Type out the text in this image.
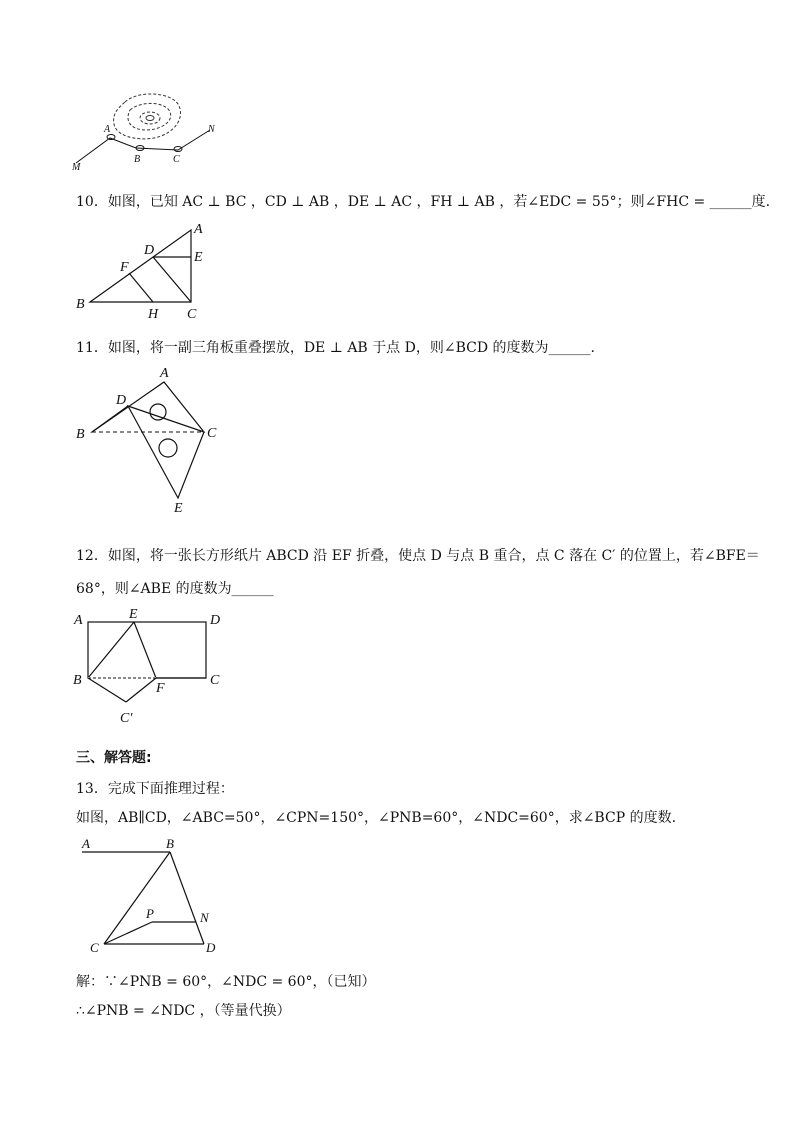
A	N
M
B	C
10．如图，已知 AC ⊥ BC ，CD ⊥ AB ，DE ⊥ AC ，FH ⊥ AB ，若∠EDC = 55°；则∠FHC = ______度.
A
D	E
F
B
H C
11．如图，将一副三角板重叠摆放，DE ⊥ AB 于点 D，则∠BCD 的度数为______.
A
D
B	C
E
12．如图，将一张长方形纸片 ABCD 沿 EF 折叠，使点 D 与点 B 重合，点 C 落在 C′ 的位置上，若∠BFE＝
68°，则∠ABE 的度数为______
A	E	D
B
F
C
C′
三、解答题:
13．完成下面推理过程：
如图，AB∥CD，∠ABC=50°，∠CPN=150°，∠PNB=60°，∠NDC=60°，求∠BCP 的度数.
A	B
P	N
C	D
解：∵∠PNB = 60°，∠NDC = 60°，（已知）
∴∠PNB = ∠NDC ，（等量代换）
